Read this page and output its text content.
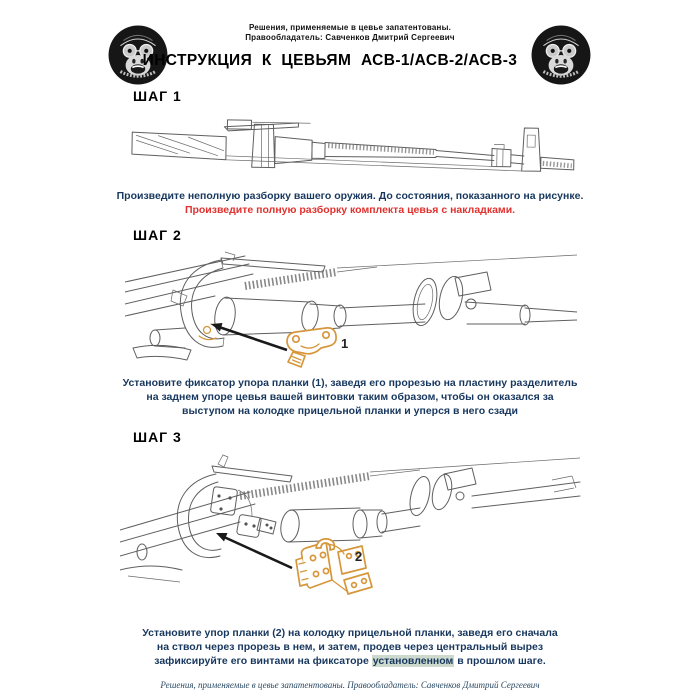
Решения, применяемые в цевье запатентованы.
Правообладатель: Савченков Дмитрий Сергеевич
ИНСТРУКЦИЯ К ЦЕВЬЯМ АСВ-1/АСВ-2/АСВ-3
ШАГ 1
Произведите неполную разборку вашего оружия. До состояния, показанного на рисунке.
Произведите полную разборку комплекта цевья с накладками.
ШАГ 2
1
Установите фиксатор упора планки (1), заведя его прорезью на пластину разделитель на заднем упоре цевья вашей винтовки таким образом, чтобы он оказался за выступом на колодке прицельной планки и уперся в него сзади
ШАГ 3
2
Установите упор планки (2) на колодку прицельной планки, заведя его сначала на ствол через прорезь в нем, и затем, продев через центральный вырез зафиксируйте его винтами на фиксаторе установленном в прошлом шаге.
Решения, применяемые в цевье запатентованы. Правообладатель: Савченков Дмитрий Сергеевич
